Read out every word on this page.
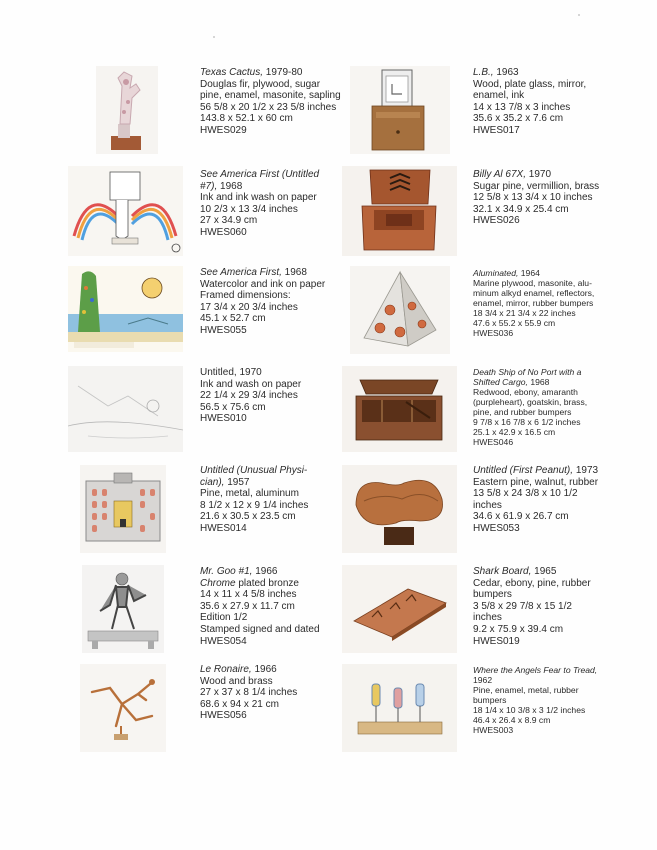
Texas Cactus, 1979-80
Douglas fir, plywood, sugar
pine, enamel, masonite, sapling
56 5/8 x 20 1/2 x 23 5/8 inches
143.8 x 52.1 x 60 cm
HWES029
See America First (Untitled
#7), 1968
Ink and ink wash on paper
10 2/3 x 13 3/4 inches
27 x 34.9 cm
HWES060
See America First, 1968
Watercolor and ink on paper
Framed dimensions:
17 3/4 x 20 3/4 inches
45.1 x 52.7 cm
HWES055
Untitled, 1970
Ink and wash on paper
22 1/4 x 29 3/4 inches
56.5 x 75.6 cm
HWES010
Untitled (Unusual Physi-
cian), 1957
Pine, metal, aluminum
8 1/2 x 12 x 9 1/4 inches
21.6 x 30.5 x 23.5 cm
HWES014
Mr. Goo #1, 1966
Chrome plated bronze
14 x 11 x 4 5/8 inches
35.6 x 27.9 x 11.7 cm
Edition 1/2
Stamped signed and dated
HWES054
Le Ronaire, 1966
Wood and brass
27 x 37 x 8 1/4 inches
68.6 x 94 x 21 cm
HWES056
L.B., 1963
Wood, plate glass, mirror,
enamel, ink
14 x 13 7/8 x 3 inches
35.6 x 35.2 x 7.6 cm
HWES017
Billy Al 67X, 1970
Sugar pine, vermillion, brass
12 5/8 x 13 3/4 x 10 inches
32.1 x 34.9 x 25.4 cm
HWES026
Aluminated, 1964
Marine plywood, masonite, alu-
minum alkyd enamel, reflectors,
enamel, mirror, rubber bumpers
18 3/4 x 21 3/4 x 22 inches
47.6 x 55.2 x 55.9 cm
HWES036
Death Ship of No Port with a
Shifted Cargo, 1968
Redwood, ebony, amaranth
(purpleheart), goatskin, brass,
pine, and rubber bumpers
9 7/8 x 16 7/8 x 6 1/2 inches
25.1 x 42.9 x 16.5 cm
HWES046
Untitled (First Peanut), 1973
Eastern pine, walnut, rubber
13 5/8 x 24 3/8 x 10 1/2
inches
34.6 x 61.9 x 26.7 cm
HWES053
Shark Board, 1965
Cedar, ebony, pine, rubber
bumpers
3 5/8 x 29 7/8 x 15 1/2
inches
9.2 x 75.9 x 39.4 cm
HWES019
Where the Angels Fear to Tread,
1962
Pine, enamel, metal, rubber
bumpers
18 1/4 x 10 3/8 x 3 1/2 inches
46.4 x 26.4 x 8.9 cm
HWES003
